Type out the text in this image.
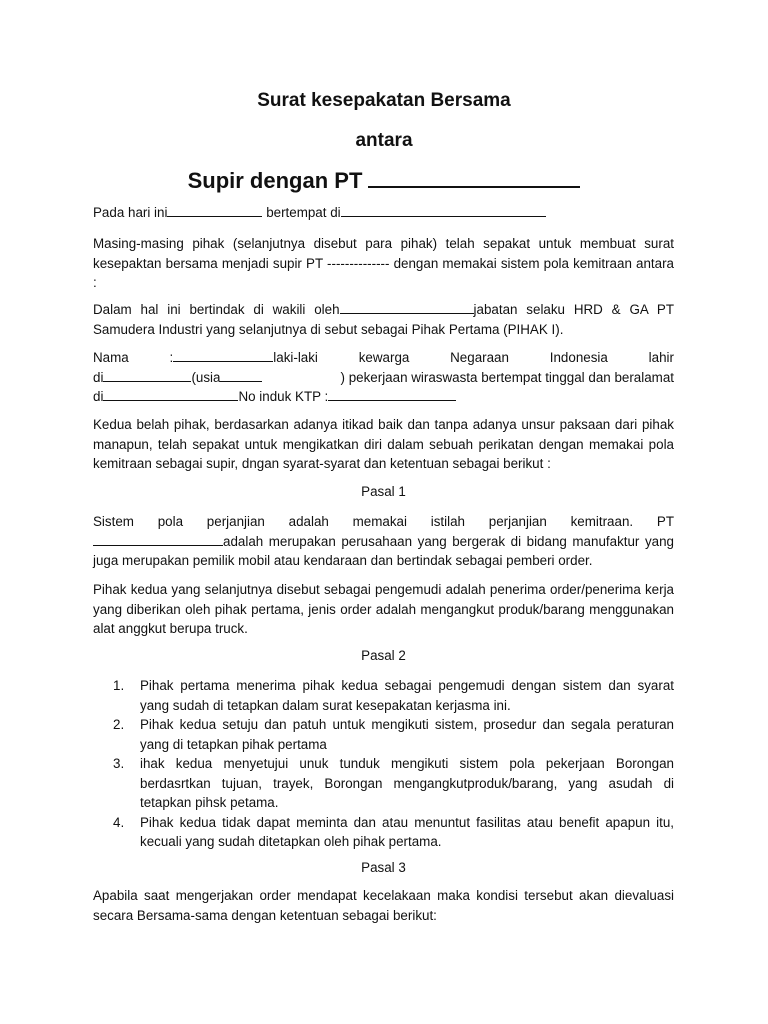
Surat kesepakatan Bersama
antara
Supir dengan PT
Pada hari ini	bertempat di

Masing-masing pihak (selanjutnya disebut para pihak) telah sepakat untuk membuat surat kesepaktan bersama menjadi supir PT -------------- dengan memakai sistem pola kemitraan antara :

Dalam hal ini bertindak di wakili oleh	jabatan selaku HRD & GA PT Samudera Industri yang selanjutnya di sebut sebagai Pihak Pertama (PIHAK I).

Nama	:	laki-laki	kewarga	Negaraan	Indonesia	lahir
di	(usia	) pekerjaan wiraswasta bertempat tinggal dan beralamat
di	No induk KTP :

Kedua belah pihak, berdasarkan adanya itikad baik dan tanpa adanya unsur paksaan dari pihak manapun, telah sepakat untuk mengikatkan diri dalam sebuah perikatan dengan memakai pola kemitraan sebagai supir, dngan syarat-syarat dan ketentuan sebagai berikut :

Pasal 1

Sistem pola perjanjian adalah memakai istilah perjanjian kemitraan. PT

adalah merupakan perusahaan yang bergerak di bidang manufaktur yang juga merupakan pemilik mobil atau kendaraan dan bertindak sebagai pemberi order.

Pihak kedua yang selanjutnya disebut sebagai pengemudi adalah penerima order/penerima kerja yang diberikan oleh pihak pertama, jenis order adalah mengangkut produk/barang menggunakan alat anggkut berupa truck.

Pasal 2

1. Pihak pertama menerima pihak kedua sebagai pengemudi dengan sistem dan syarat yang sudah di tetapkan dalam surat kesepakatan kerjasma ini.
2. Pihak kedua setuju dan patuh untuk mengikuti sistem, prosedur dan segala peraturan yang di tetapkan pihak pertama
3. ihak kedua menyetujui unuk tunduk mengikuti sistem pola pekerjaan Borongan berdasrtkan tujuan, trayek, Borongan mengangkutproduk/barang, yang asudah di tetapkan pihsk petama.
4. Pihak kedua tidak dapat meminta dan atau menuntut fasilitas atau benefit apapun itu, kecuali yang sudah ditetapkan oleh pihak pertama.

Pasal 3

Apabila saat mengerjakan order mendapat kecelakaan maka kondisi tersebut akan dievaluasi secara Bersama-sama dengan ketentuan sebagai berikut:
